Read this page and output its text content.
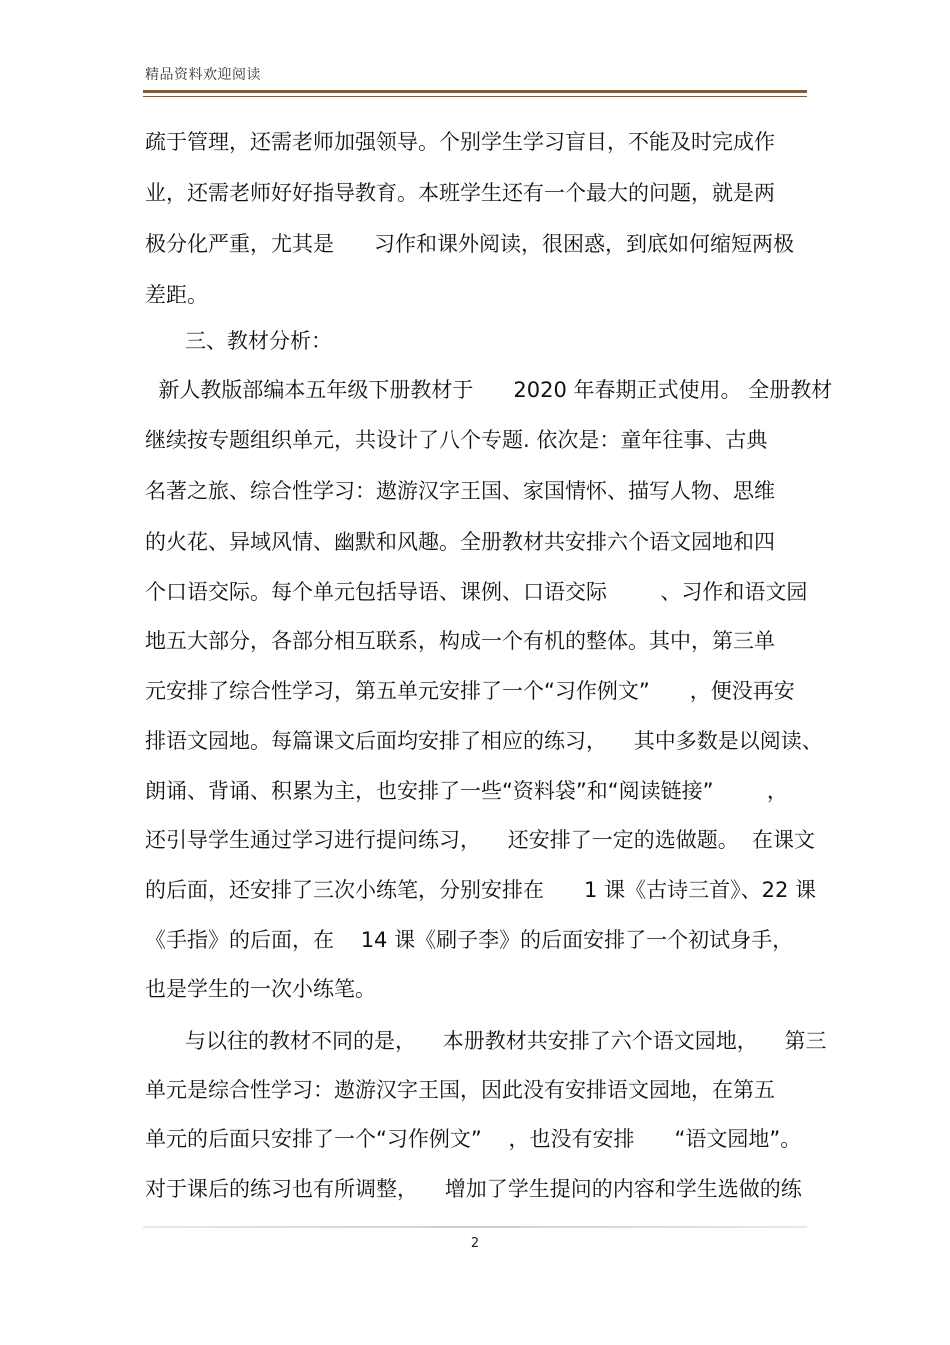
精品资料欢迎阅读
疏于管理，还需老师加强领导。个别学生学习盲目，不能及时完成作
业，还需老师好好指导教育。本班学生还有一个最大的问题，就是两
极分化严重，尤其是      习作和课外阅读，很困惑，到底如何缩短两极
差距。
三、教材分析：
新人教版部编本五年级下册教材于      2020 年春期正式使用。 全册教材
继续按专题组织单元，共设计了八个专题. 依次是：童年往事、古典
名著之旅、综合性学习：遨游汉字王国、家国情怀、描写人物、思维
的火花、异域风情、幽默和风趣。全册教材共安排六个语文园地和四
个口语交际。每个单元包括导语、课例、口语交际        、习作和语文园
地五大部分，各部分相互联系，构成一个有机的整体。其中，第三单
元安排了综合性学习，第五单元安排了一个“习作例文”      ，便没再安
排语文园地。每篇课文后面均安排了相应的练习，    其中多数是以阅读、
朗诵、背诵、积累为主，也安排了一些“资料袋”和“阅读链接”        ，
还引导学生通过学习进行提问练习，    还安排了一定的选做题。  在课文
的后面，还安排了三次小练笔，分别安排在      1 课《古诗三首》、22 课
《手指》的后面，在    14 课《刷子李》的后面安排了一个初试身手，
也是学生的一次小练笔。
与以往的教材不同的是，    本册教材共安排了六个语文园地，    第三
单元是综合性学习：遨游汉字王国，因此没有安排语文园地，在第五
单元的后面只安排了一个“习作例文”    ，也没有安排      “语文园地”。
对于课后的练习也有所调整，    增加了学生提问的内容和学生选做的练
2
